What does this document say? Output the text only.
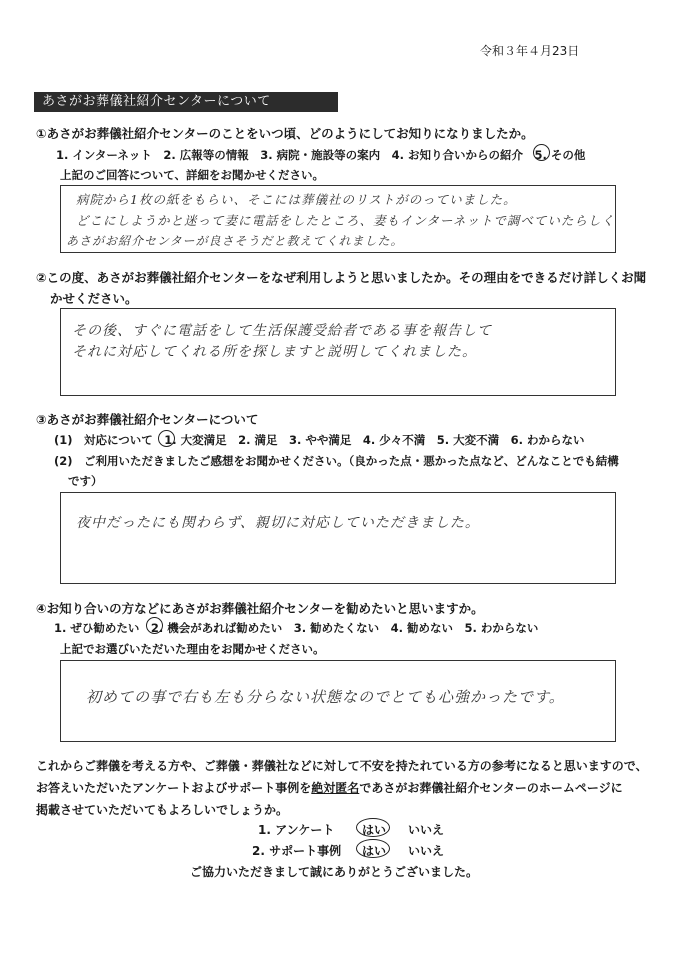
令和３年４月23日
あさがお葬儀社紹介センターについて
①あさがお葬儀社紹介センターのことをいつ頃、どのようにしてお知りになりましたか。
1. インターネット　2. 広報等の情報　3. 病院・施設等の案内　4. お知り合いからの紹介　5. その他
上記のご回答について、詳細をお聞かせください。
病院から1枚の紙をもらい、そこには葬儀社のリストがのっていました。
どこにしようかと迷って妻に電話をしたところ、妻もインターネットで調べていたらしく
あさがお紹介センターが良さそうだと教えてくれました。
②この度、あさがお葬儀社紹介センターをなぜ利用しようと思いましたか。その理由をできるだけ詳しくお聞
かせください。
その後、すぐに電話をして生活保護受給者である事を報告して
それに対応してくれる所を探しますと説明してくれました。
③あさがお葬儀社紹介センターについて
(1)　対応について　1. 大変満足　2. 満足　3. やや満足　4. 少々不満　5. 大変不満　6. わからない
(2)　ご利用いただきましたご感想をお聞かせください。（良かった点・悪かった点など、どんなことでも結構
です）
夜中だったにも関わらず、親切に対応していただきました。
④お知り合いの方などにあさがお葬儀社紹介センターを勧めたいと思いますか。
1. ぜひ勧めたい　2. 機会があれば勧めたい　3. 勧めたくない　4. 勧めない　5. わからない
上記でお選びいただいた理由をお聞かせください。
初めての事で右も左も分らない状態なのでとても心強かったです。
これからご葬儀を考える方や、ご葬儀・葬儀社などに対して不安を持たれている方の参考になると思いますので、
お答えいただいたアンケートおよびサポート事例を絶対匿名であさがお葬儀社紹介センターのホームページに
掲載させていただいてもよろしいでしょうか。
1. アンケート はい いいえ
2. サポート事例 はい いいえ
ご協力いただきまして誠にありがとうございました。
